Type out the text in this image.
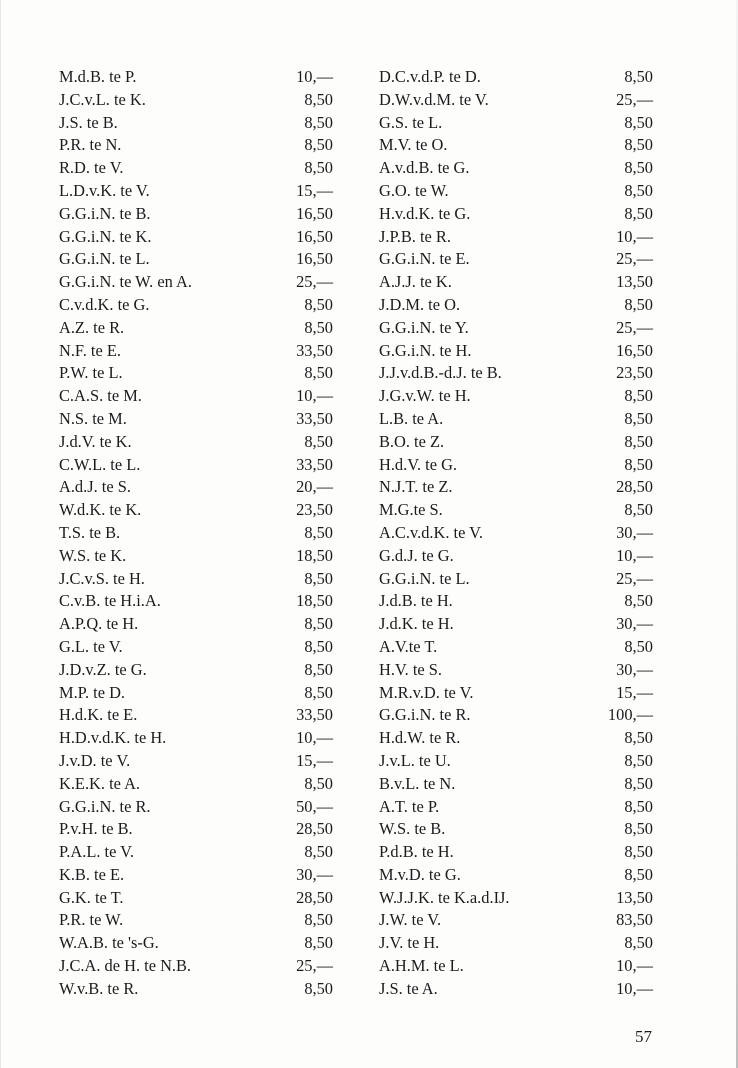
M.d.B. te P.	10,—
J.C.v.L. te K.	8,50
J.S. te B.	8,50
P.R. te N.	8,50
R.D. te V.	8,50
L.D.v.K. te V.	15,—
G.G.i.N. te B.	16,50
G.G.i.N. te K.	16,50
G.G.i.N. te L.	16,50
G.G.i.N. te W. en A.	25,—
C.v.d.K. te G.	8,50
A.Z. te R.	8,50
N.F. te E.	33,50
P.W. te L.	8,50
C.A.S. te M.	10,—
N.S. te M.	33,50
J.d.V. te K.	8,50
C.W.L. te L.	33,50
A.d.J. te S.	20,—
W.d.K. te K.	23,50
T.S. te B.	8,50
W.S. te K.	18,50
J.C.v.S. te H.	8,50
C.v.B. te H.i.A.	18,50
A.P.Q. te H.	8,50
G.L. te V.	8,50
J.D.v.Z. te G.	8,50
M.P. te D.	8,50
H.d.K. te E.	33,50
H.D.v.d.K. te H.	10,—
J.v.D. te V.	15,—
K.E.K. te A.	8,50
G.G.i.N. te R.	50,—
P.v.H. te B.	28,50
P.A.L. te V.	8,50
K.B. te E.	30,—
G.K. te T.	28,50
P.R. te W.	8,50
W.A.B. te 's-G.	8,50
J.C.A. de H. te N.B.	25,—
W.v.B. te R.	8,50
D.C.v.d.P. te D.	8,50
D.W.v.d.M. te V.	25,—
G.S. te L.	8,50
M.V. te O.	8,50
A.v.d.B. te G.	8,50
G.O. te W.	8,50
H.v.d.K. te G.	8,50
J.P.B. te R.	10,—
G.G.i.N. te E.	25,—
A.J.J. te K.	13,50
J.D.M. te O.	8,50
G.G.i.N. te Y.	25,—
G.G.i.N. te H.	16,50
J.J.v.d.B.-d.J. te B.	23,50
J.G.v.W. te H.	8,50
L.B. te A.	8,50
B.O. te Z.	8,50
H.d.V. te G.	8,50
N.J.T. te Z.	28,50
M.G.te S.	8,50
A.C.v.d.K. te V.	30,—
G.d.J. te G.	10,—
G.G.i.N. te L.	25,—
J.d.B. te H.	8,50
J.d.K. te H.	30,—
A.V.te T.	8,50
H.V. te S.	30,—
M.R.v.D. te V.	15,—
G.G.i.N. te R.	100,—
H.d.W. te R.	8,50
J.v.L. te U.	8,50
B.v.L. te N.	8,50
A.T. te P.	8,50
W.S. te B.	8,50
P.d.B. te H.	8,50
M.v.D. te G.	8,50
W.J.J.K. te K.a.d.IJ.	13,50
J.W. te V.	83,50
J.V. te H.	8,50
A.H.M. te L.	10,—
J.S. te A.	10,—
57
